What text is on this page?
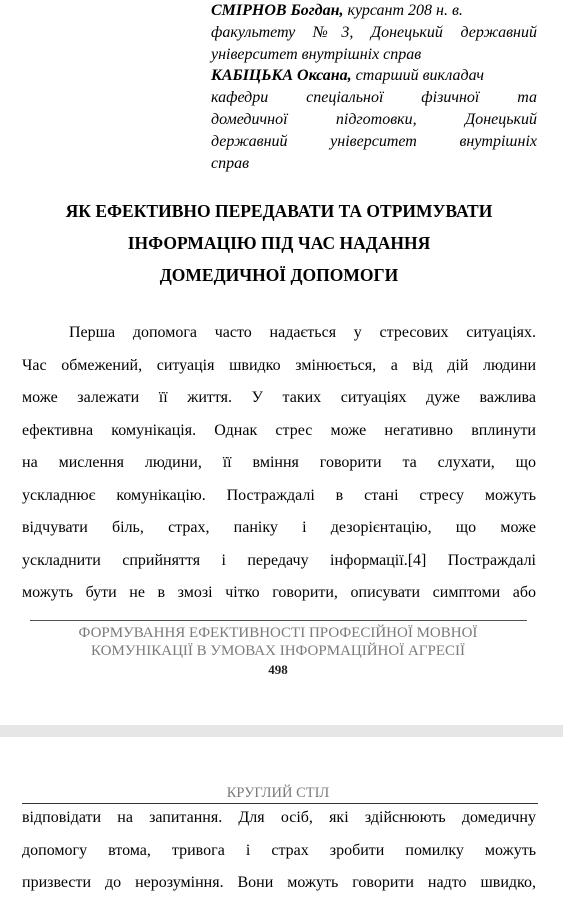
СМІРНОВ Богдан, курсант 208 н. в.
факультету №3, Донецький державний
університет внутрішніх справ
КАБІЦЬКА Оксана, старший викладач
кафедри спеціальної фізичної та
домедичної підготовки, Донецький
державний університет внутрішніх
справ
ЯК ЕФЕКТИВНО ПЕРЕДАВАТИ ТА ОТРИМУВАТИ
ІНФОРМАЦІЮ ПІД ЧАС НАДАННЯ
ДОМЕДИЧНОЇ ДОПОМОГИ
Перша допомога часто надається у стресових ситуаціях.
Час обмежений, ситуація швидко змінюється, а від дій людини
може залежати її життя. У таких ситуаціях дуже важлива
ефективна комунікація. Однак стрес може негативно вплинути
на мислення людини, її вміння говорити та слухати, що
ускладнює комунікацію. Постраждалі в стані стресу можуть
відчувати біль, страх, паніку і дезорієнтацію, що може
ускладнити сприйняття і передачу інформації.[4] Постраждалі
можуть бути не в змозі чітко говорити, описувати симптоми або
ФОРМУВАННЯ ЕФЕКТИВНОСТІ ПРОФЕСІЙНОЇ МОВНОЇ
КОМУНІКАЦІЇ В УМОВАХ ІНФОРМАЦІЙНОЇ АГРЕСІЇ
498
КРУГЛИЙ СТІЛ
відповідати на запитання. Для осіб, які здійснюють домедичну
допомогу втома, тривога і страх зробити помилку можуть
призвести до нерозуміння. Вони можуть говорити надто швидко,
